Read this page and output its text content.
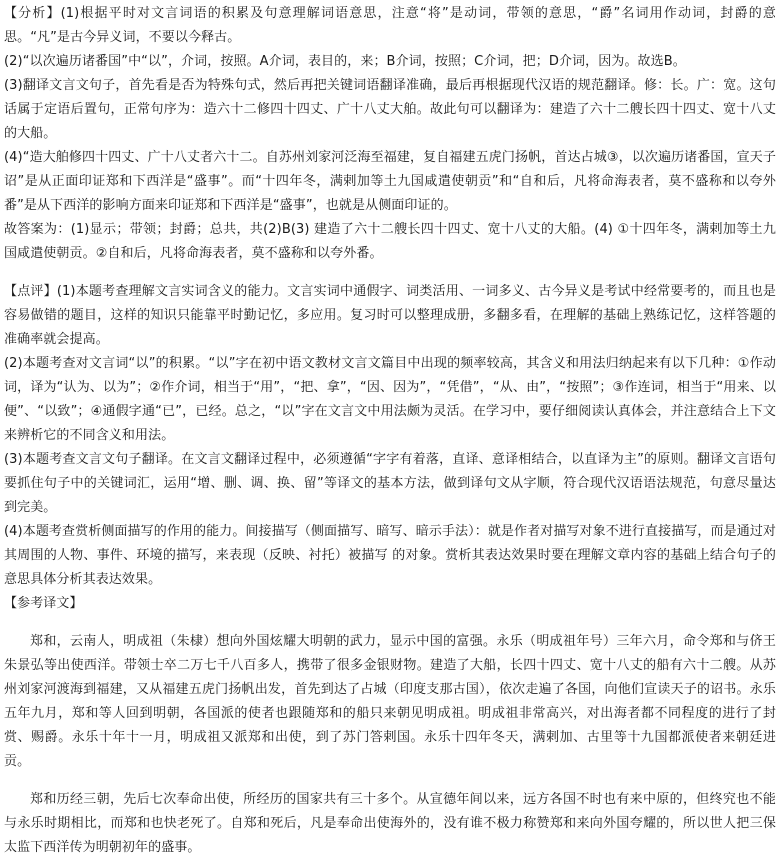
【分析】(1)根据平时对文言词语的积累及句意理解词语意思，注意“将”是动词，带领的意思，“爵”名词用作动词，封爵的意思。“凡”是古今异义词，不要以今释古。

(2)“以次遍历诸番国”中“以”，介词，按照。A介词，表目的，来；B介词，按照；C介词，把；D介词，因为。故选B。

(3)翻译文言文句子，首先看是否为特殊句式，然后再把关键词语翻译准确，最后再根据现代汉语的规范翻译。修：长。广：宽。这句话属于定语后置句，正常句序为：造六十二修四十四丈、广十八丈大舶。故此句可以翻译为：建造了六十二艘长四十四丈、宽十八丈的大船。

(4)“造大舶修四十四丈、广十八丈者六十二。自苏州刘家河泛海至福建，复自福建五虎门扬帆，首达占城③，以次遍历诸番国，宣天子诏”是从正面印证郑和下西洋是“盛事”。而“十四年冬，满剌加等土九国咸遣使朝贡”和“自和后，凡将命海表者，莫不盛称和以夸外番”是从下西洋的影响方面来印证郑和下西洋是“盛事”，也就是从侧面印证的。

故答案为：(1)显示；带领；封爵；总共，共(2)B(3) 建造了六十二艘长四十四丈、宽十八丈的大船。(4) ①十四年冬，满剌加等土九国咸遣使朝贡。②自和后，凡将命海表者，莫不盛称和以夸外番。

【点评】(1)本题考查理解文言实词含义的能力。文言实词中通假字、词类活用、一词多义、古今异义是考试中经常要考的，而且也是容易做错的题目，这样的知识只能靠平时勤记忆，多应用。复习时可以整理成册，多翻多看，在理解的基础上熟练记忆，这样答题的准确率就会提高。

(2)本题考查对文言词“以”的积累。“以”字在初中语文教材文言文篇目中出现的频率较高，其含义和用法归纳起来有以下几种：①作动词，译为“认为、以为”；②作介词，相当于“用”，“把、拿”，“因、因为”，“凭借”，“从、由”，“按照”；③作连词，相当于“用来、以便”、“以致”；④通假字通“已”，已经。总之，“以”字在文言文中用法颇为灵活。在学习中，要仔细阅读认真体会，并注意结合上下文来辨析它的不同含义和用法。

(3)本题考查文言文句子翻译。在文言文翻译过程中，必须遵循“字字有着落，直译、意译相结合，以直译为主”的原则。翻译文言语句要抓住句子中的关键词汇，运用“增、删、调、换、留”等译文的基本方法，做到译句文从字顺，符合现代汉语语法规范，句意尽量达到完美。

(4)本题考查赏析侧面描写的作用的能力。间接描写（侧面描写、暗写、暗示手法）：就是作者对描写对象不进行直接描写，而是通过对其周围的人物、事件、环境的描写，来表现（反映、衬托）被描写 的对象。赏析其表达效果时要在理解文章内容的基础上结合句子的意思具体分析其表达效果。

【参考译文】

郑和，云南人，明成祖（朱棣）想向外国炫耀大明朝的武力，显示中国的富强。永乐（明成祖年号）三年六月，命令郑和与侪王朱景弘等出使西洋。带领士卒二万七千八百多人，携带了很多金银财物。建造了大船，长四十四丈、宽十八丈的船有六十二艘。从苏州刘家河渡海到福建，又从福建五虎门扬帆出发，首先到达了占城（印度支那古国），依次走遍了各国，向他们宣读天子的诏书。永乐五年九月，郑和等人回到明朝，各国派的使者也跟随郑和的船只来朝见明成祖。明成祖非常高兴，对出海者都不同程度的进行了封赏、赐爵。永乐十年十一月，明成祖又派郑和出使，到了苏门答剌国。永乐十四年冬天，满剌加、古里等十九国都派使者来朝廷进贡。

郑和历经三朝，先后七次奉命出使，所经历的国家共有三十多个。从宣德年间以来，远方各国不时也有来中原的，但终究也不能与永乐时期相比，而郑和也快老死了。自郑和死后，凡是奉命出使海外的，没有谁不极力称赞郑和来向外国夸耀的，所以世人把三保太监下西洋传为明朝初年的盛事。
